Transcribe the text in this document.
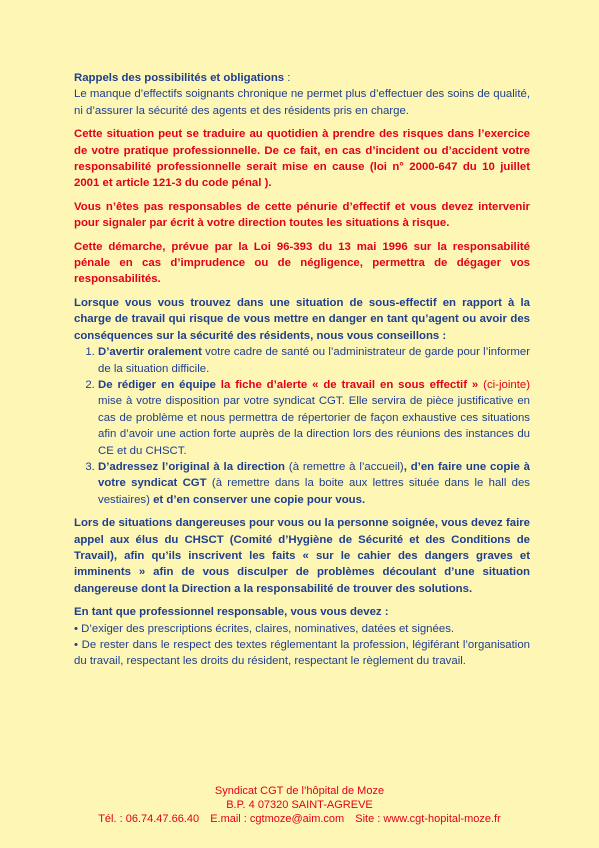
Rappels des possibilités et obligations :
Le manque d’effectifs soignants chronique ne permet plus d’effectuer des soins de qualité, ni d’assurer la sécurité des agents et des résidents pris en charge.

Cette situation peut se traduire au quotidien à prendre des risques dans l’exercice de votre pratique professionnelle. De ce fait, en cas d’incident ou d’accident votre responsabilité professionnelle serait mise en cause (loi n° 2000-647 du 10 juillet 2001 et article 121-3 du code pénal ).

Vous n’êtes pas responsables de cette pénurie d’effectif et vous devez intervenir pour signaler par écrit à votre direction toutes les situations à risque.

Cette démarche, prévue par la Loi 96-393 du 13 mai 1996 sur la responsabilité pénale en cas d’imprudence ou de négligence, permettra de dégager vos responsabilités.

Lorsque vous vous trouvez dans une situation de sous-effectif en rapport à la charge de travail qui risque de vous mettre en danger en tant qu’agent ou avoir des conséquences sur la sécurité des résidents, nous vous conseillons :

1. D’avertir oralement votre cadre de santé ou l’administrateur de garde pour l’informer de la situation difficile.
2. De rédiger en équipe la fiche d’alerte « de travail en sous effectif » (ci-jointe) mise à votre disposition par votre syndicat CGT. Elle servira de pièce justificative en cas de problème et nous permettra de répertorier de façon exhaustive ces situations afin d’avoir une action forte auprès de la direction lors des réunions des instances du CE et du CHSCT.
3. D’adressez l’original à la direction (à remettre à l’accueil), d’en faire une copie à votre syndicat CGT (à remettre dans la boite aux lettres située dans le hall des vestiaires) et d’en conserver une copie pour vous.

Lors de situations dangereuses pour vous ou la personne soignée, vous devez faire appel aux élus du CHSCT (Comité d’Hygiène de Sécurité et des Conditions de Travail), afin qu’ils inscrivent les faits « sur le cahier des dangers graves et imminents » afin de vous disculper de problèmes découlant d’une situation dangereuse dont la Direction a la responsabilité de trouver des solutions.

En tant que professionnel responsable, vous vous devez :

• D’exiger des prescriptions écrites, claires, nominatives, datées et signées.

• De rester dans le respect des textes réglementant la profession, légiférant l’organisation du travail, respectant les droits du résident, respectant le règlement du travail.

Syndicat CGT de l’hôpital de Moze
B.P. 4 07320 SAINT-AGREVE
Tél. : 06.74.47.66.40 E.mail : cgtmoze@aim.com Site : www.cgt-hopital-moze.fr
